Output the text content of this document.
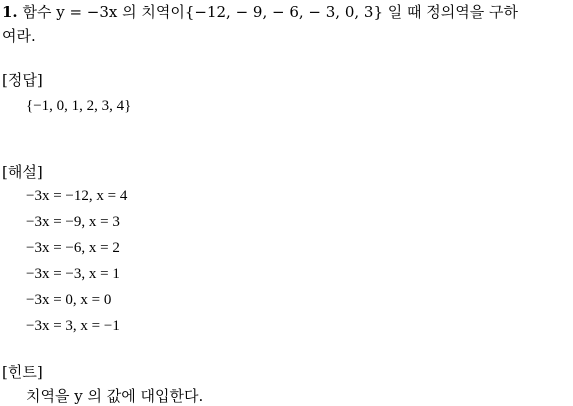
1. 함수 y = −3x 의 치역이{−12, − 9, − 6, − 3, 0, 3} 일 때 정의역을 구하
여라.
[정답]
{−1, 0, 1, 2, 3, 4}
[해설]
−3x = −12, x = 4
−3x = −9, x = 3
−3x = −6, x = 2
−3x = −3, x = 1
−3x = 0, x = 0
−3x = 3, x = −1
[힌트]
치역을 y 의 값에 대입한다.
